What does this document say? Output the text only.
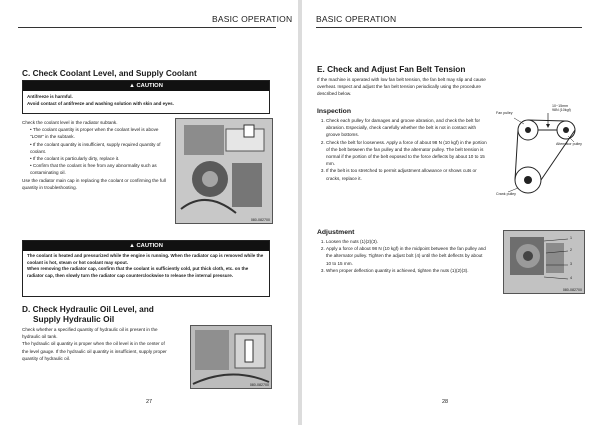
BASIC OPERATION
C. Check Coolant Level, and Supply Coolant
▲ CAUTION
Antifreeze is harmful.
Avoid contact of antifreeze and washing solution with skin and eyes.
Check the coolant level in the radiator subtank.
• The coolant quantity is proper when the coolant level is above "LOW" in the subtank.
• If the coolant quantity is insufficient, supply required quantity of coolant.
• If the coolant is particularly dirty, replace it.
• Confirm that the coolant is free from any abnormality such as contaminating oil.
Use the radiator main cap in replacing the coolant or confirming the full quantity in troubleshooting.
080-082700
▲ CAUTION
The coolant is heated and pressurized while the engine is running. When the radiator cap is removed while the coolant is hot, steam or hot coolant may spout.
When removing the radiator cap, confirm that the coolant is sufficiently cold, put thick cloth, etc. on the radiator cap, then slowly turn the radiator cap counterclockwise to release the internal pressure.
D. Check Hydraulic Oil Level, and
Supply Hydraulic Oil
Check whether a specified quantity of hydraulic oil is present in the hydraulic oil tank.
The hydraulic oil quantity is proper when the oil level is in the center of the level gauge. If the hydraulic oil quantity is insufficient, supply proper quantity of hydraulic oil.
080-082700
27
BASIC OPERATION
E. Check and Adjust Fan Belt Tension
If the machine is operated with low fan belt tension, the fan belt may slip and cause overheat. Inspect and adjust the fan belt tension periodically using the procedure described below.
Inspection
1. Check each pulley for damages and groove abrasion, and check the belt for abrasion. Especially, check carefully whether the belt is not in contact with groove bottoms.
2. Check the belt for looseness. Apply a force of about 98 N (10 kgf) in the portion of the belt between the fan pulley and the alternator pulley. The belt tension is normal if the portion of the belt exposed to the force deflects by about 10 to 15 mm.
3. If the belt is too stretched to permit adjustment allowance or shows cuts or cracks, replace it.
Fan pulley
10~15mm
98N (10kgf)
Alternator pulley
Crank pulley
Adjustment
1. Loosen the nuts (1)(2)(3).
2. Apply a force of about 98 N (10 kgf) in the midpoint between the fan pulley and the alternator pulley. Tighten the adjust bolt (4) until the belt deflects by about 10 to 15 mm.
3. When proper deflection quantity is achieved, tighten the nuts (1)(2)(3).
1
2
3
4
080-082700
28
